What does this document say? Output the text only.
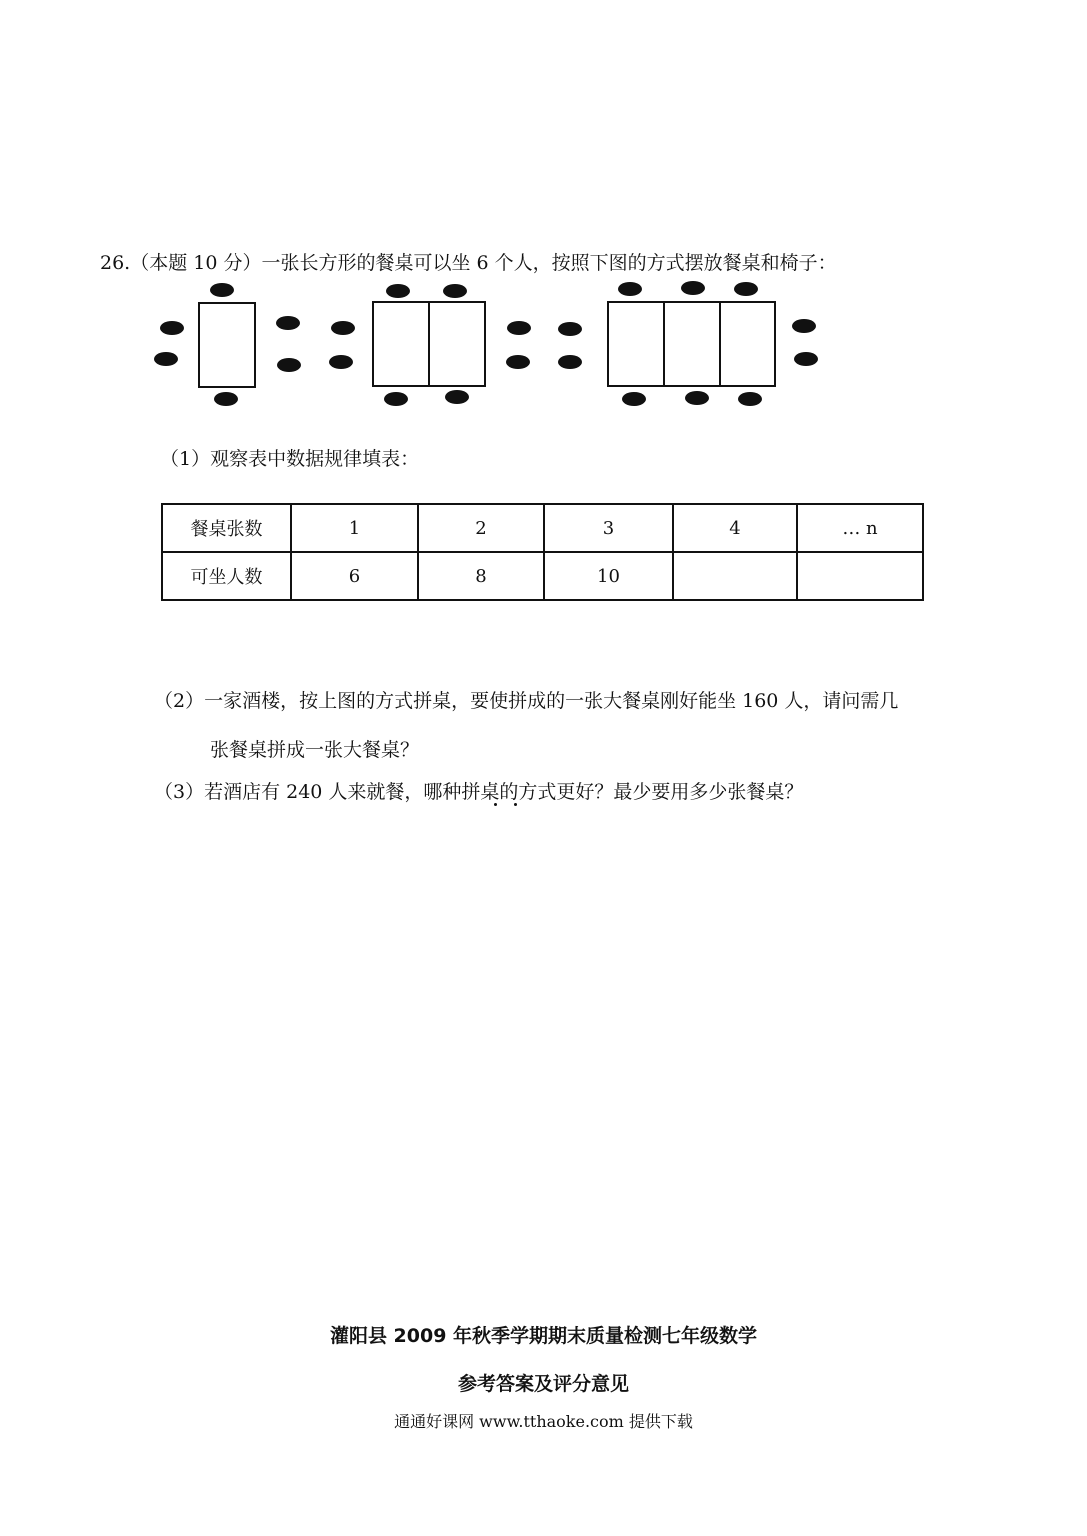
26.（本题 10 分）一张长方形的餐桌可以坐 6 个人，按照下图的方式摆放餐桌和椅子：
（1）观察表中数据规律填表：
餐桌张数	1	2	3	4	… n
可坐人数	6	8	10		
（2）一家酒楼，按上图的方式拼桌，要使拼成的一张大餐桌刚好能坐 160 人，请问需几
张餐桌拼成一张大餐桌？
（3）若酒店有 240 人来就餐，哪种拼桌的方式更好？最少要用多少张餐桌？
灌阳县 2009 年秋季学期期末质量检测七年级数学
参考答案及评分意见
通通好课网 www.tthaoke.com 提供下载
